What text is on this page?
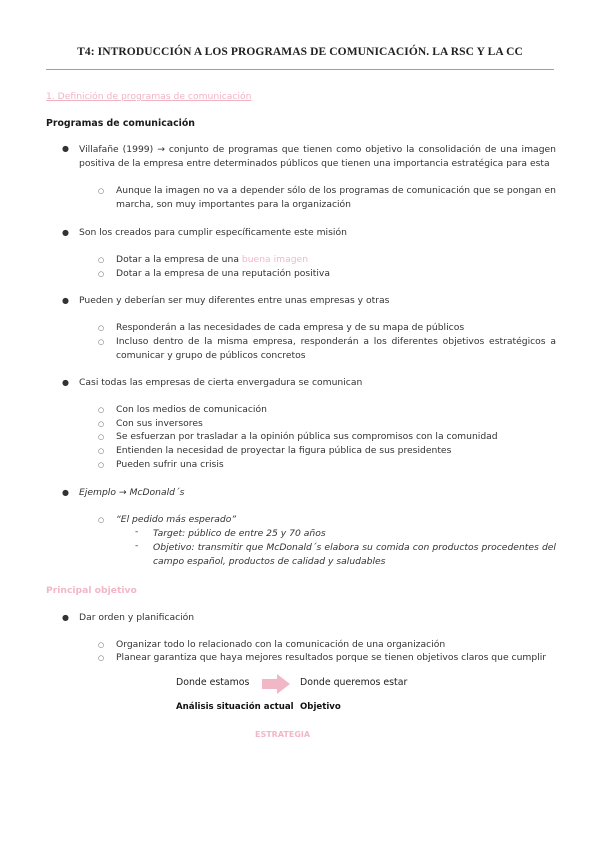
T4: INTRODUCCIÓN A LOS PROGRAMAS DE COMUNICACIÓN. LA RSC Y LA CC
1. Definición de programas de comunicación
Programas de comunicación
● Villafañe (1999) → conjunto de programas que tienen como objetivo la consolidación de una imagen positiva de la empresa entre determinados públicos que tienen una importancia estratégica para esta
○ Aunque la imagen no va a depender sólo de los programas de comunicación que se pongan en marcha, son muy importantes para la organización
● Son los creados para cumplir específicamente este misión
○ Dotar a la empresa de una buena imagen
○ Dotar a la empresa de una reputación positiva
● Pueden y deberían ser muy diferentes entre unas empresas y otras
○ Responderán a las necesidades de cada empresa y de su mapa de públicos
○ Incluso dentro de la misma empresa, responderán a los diferentes objetivos estratégicos a comunicar y grupo de públicos concretos
● Casi todas las empresas de cierta envergadura se comunican
○ Con los medios de comunicación
○ Con sus inversores
○ Se esfuerzan por trasladar a la opinión pública sus compromisos con la comunidad
○ Entienden la necesidad de proyectar la figura pública de sus presidentes
○ Pueden sufrir una crisis
● Ejemplo → McDonald´s
○ “El pedido más esperado”
- Target: público de entre 25 y 70 años
- Objetivo: transmitir que McDonald´s elabora su comida con productos procedentes del campo español, productos de calidad y saludables
Principal objetivo
● Dar orden y planificación
○ Organizar todo lo relacionado con la comunicación de una organización
○ Planear garantiza que haya mejores resultados porque se tienen objetivos claros que cumplir
Donde estamos	Donde queremos estar
Análisis situación actual Objetivo
ESTRATEGIA
